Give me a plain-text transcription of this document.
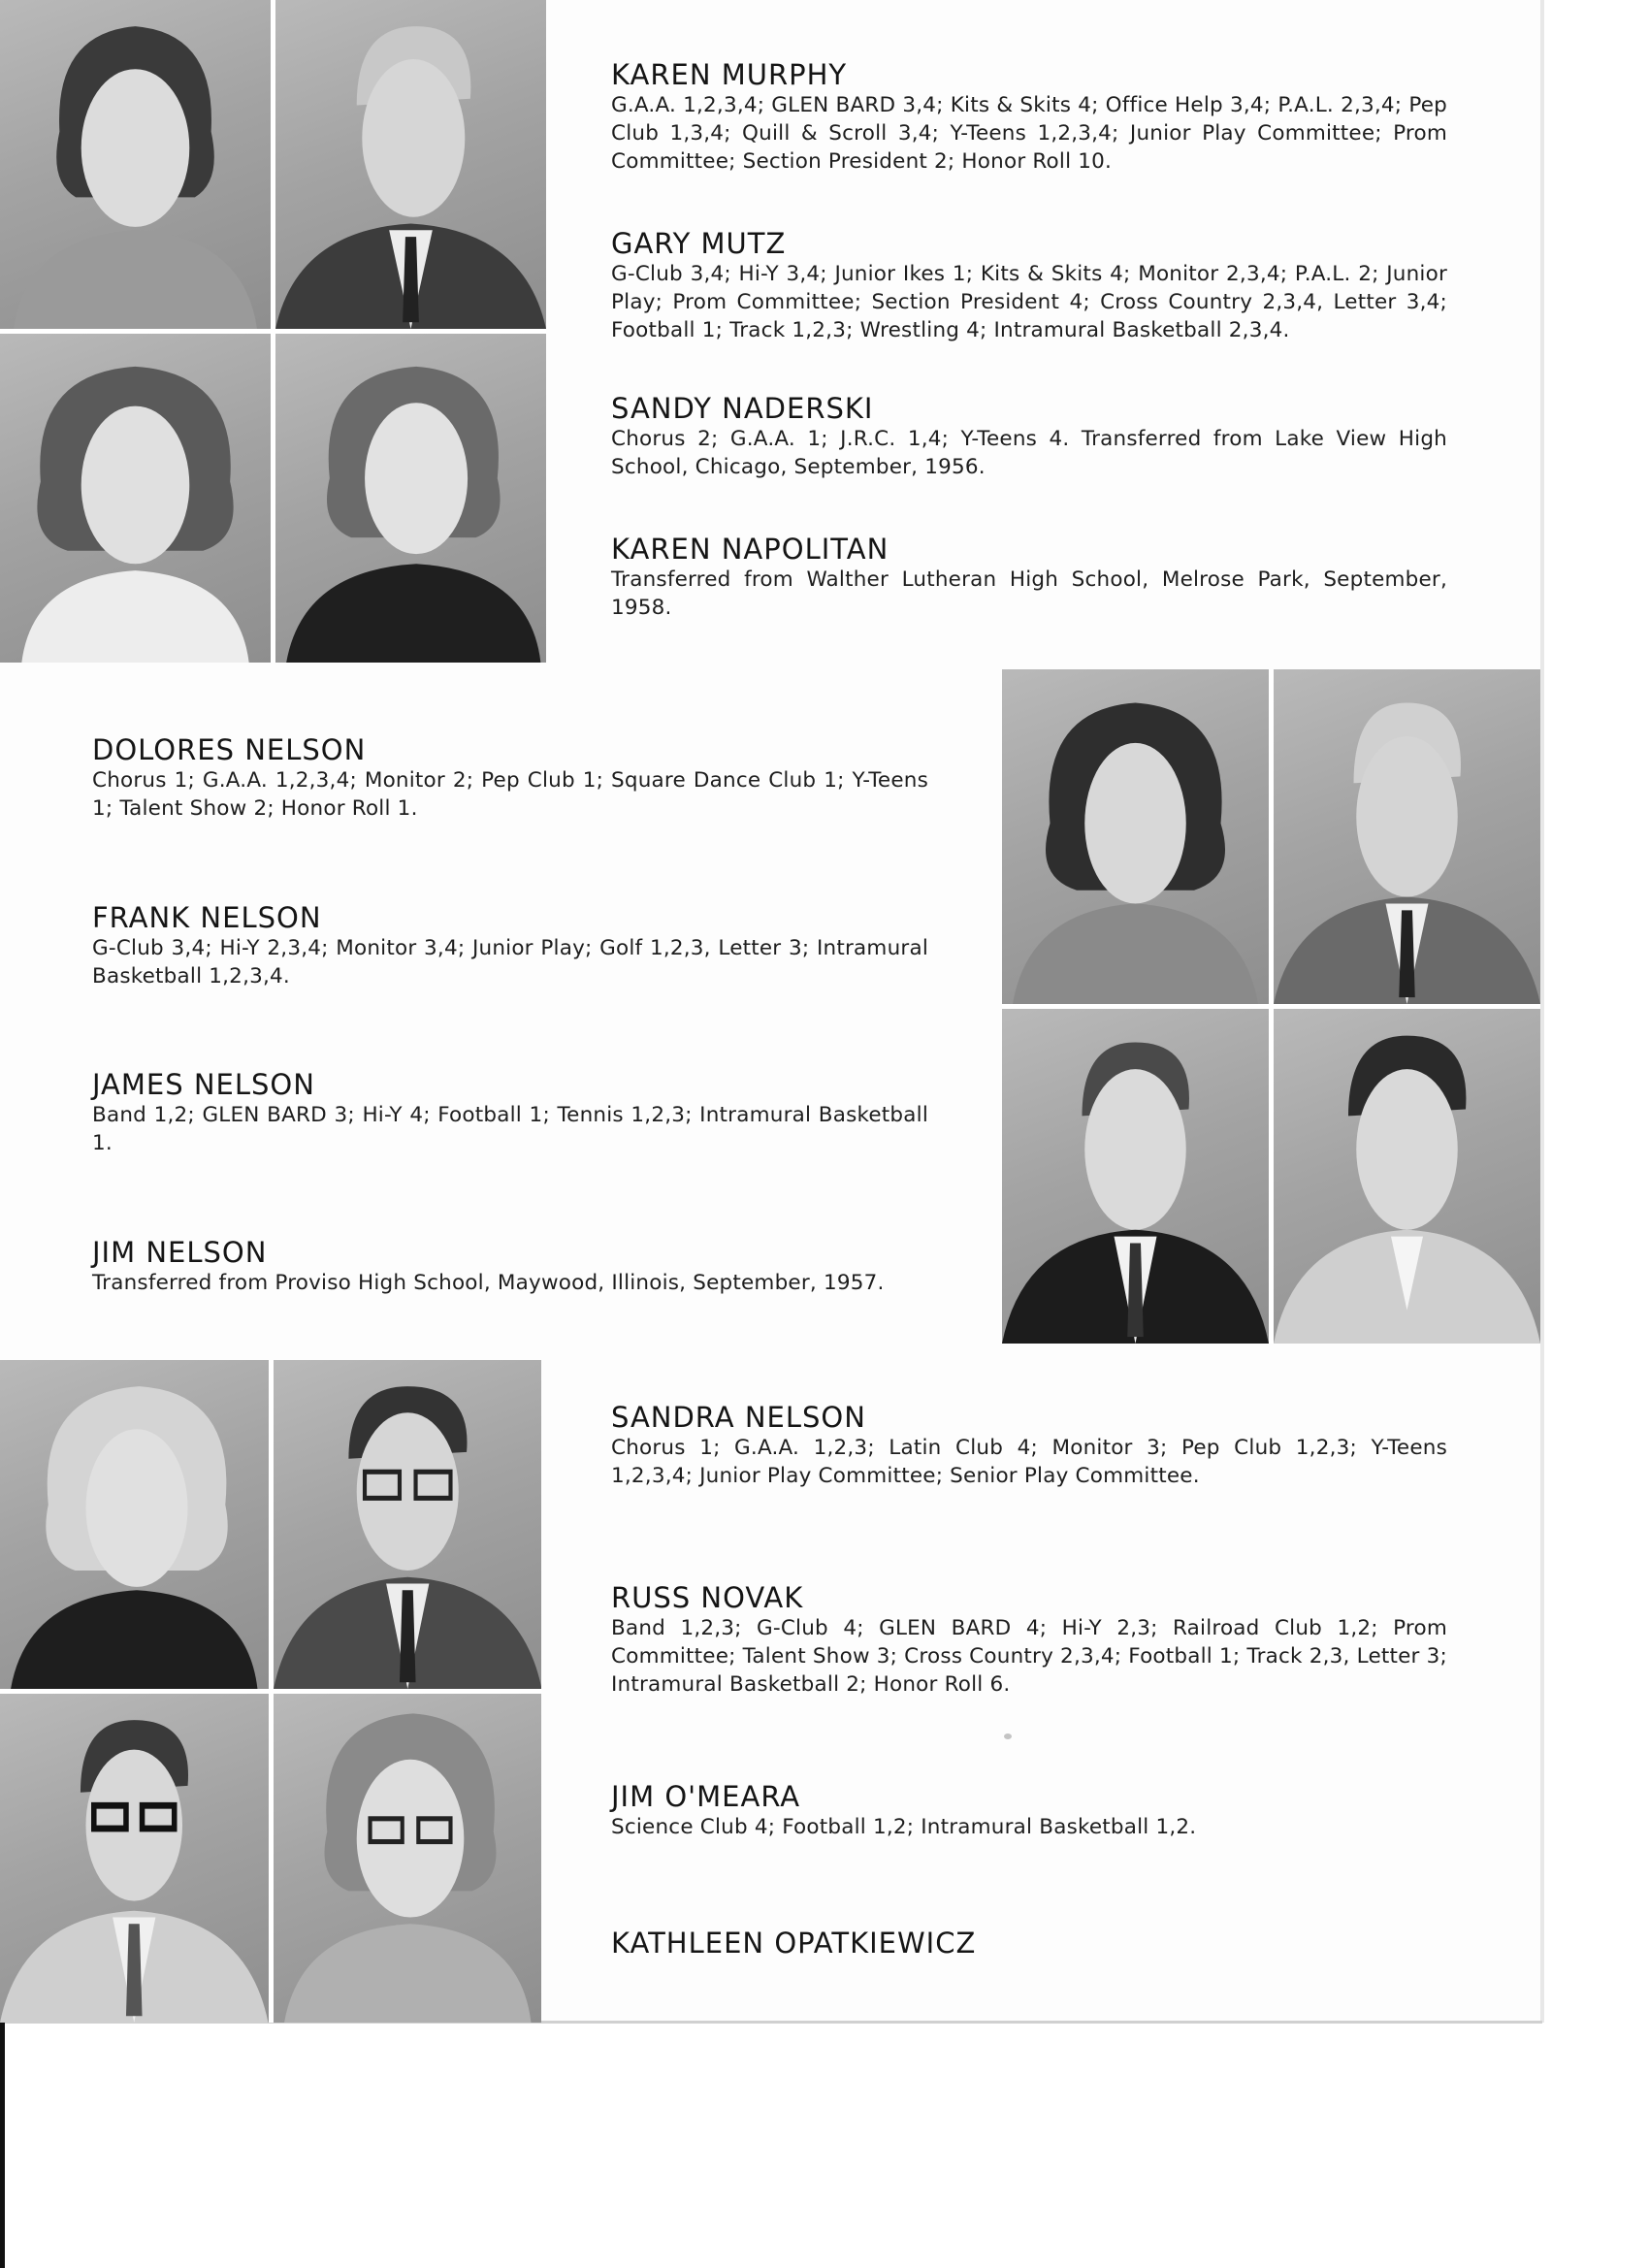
KAREN MURPHY

G.A.A. 1,2,3,4; GLEN BARD 3,4; Kits & Skits 4; Office Help 3,4; P.A.L. 2,3,4; Pep Club 1,3,4; Quill & Scroll 3,4; Y-Teens 1,2,3,4; Junior Play Committee; Prom Committee; Section President 2; Honor Roll 10.

GARY MUTZ

G-Club 3,4; Hi-Y 3,4; Junior Ikes 1; Kits & Skits 4; Monitor 2,3,4; P.A.L. 2; Junior Play; Prom Committee; Section President 4; Cross Country 2,3,4, Letter 3,4; Football 1; Track 1,2,3; Wrestling 4; Intramural Basketball 2,3,4.

SANDY NADERSKI

Chorus 2; G.A.A. 1; J.R.C. 1,4; Y-Teens 4. Transferred from Lake View High School, Chicago, September, 1956.

KAREN NAPOLITAN

Transferred from Walther Lutheran High School, Melrose Park, September, 1958.

DOLORES NELSON

Chorus 1; G.A.A. 1,2,3,4; Monitor 2; Pep Club 1; Square Dance Club 1; Y-Teens 1; Talent Show 2; Honor Roll 1.

FRANK NELSON

G-Club 3,4; Hi-Y 2,3,4; Monitor 3,4; Junior Play; Golf 1,2,3, Letter 3; Intramural Basketball 1,2,3,4.

JAMES NELSON

Band 1,2; GLEN BARD 3; Hi-Y 4; Football 1; Tennis 1,2,3; Intramural Basketball 1.

JIM NELSON

Transferred from Proviso High School, Maywood, Illinois, September, 1957.

SANDRA NELSON

Chorus 1; G.A.A. 1,2,3; Latin Club 4; Monitor 3; Pep Club 1,2,3; Y-Teens 1,2,3,4; Junior Play Committee; Senior Play Committee.

RUSS NOVAK

Band 1,2,3; G-Club 4; GLEN BARD 4; Hi-Y 2,3; Railroad Club 1,2; Prom Committee; Talent Show 3; Cross Country 2,3,4; Football 1; Track 2,3, Letter 3; Intramural Basketball 2; Honor Roll 6.

JIM O'MEARA

Science Club 4; Football 1,2; Intramural Basketball 1,2.

KATHLEEN OPATKIEWICZ
